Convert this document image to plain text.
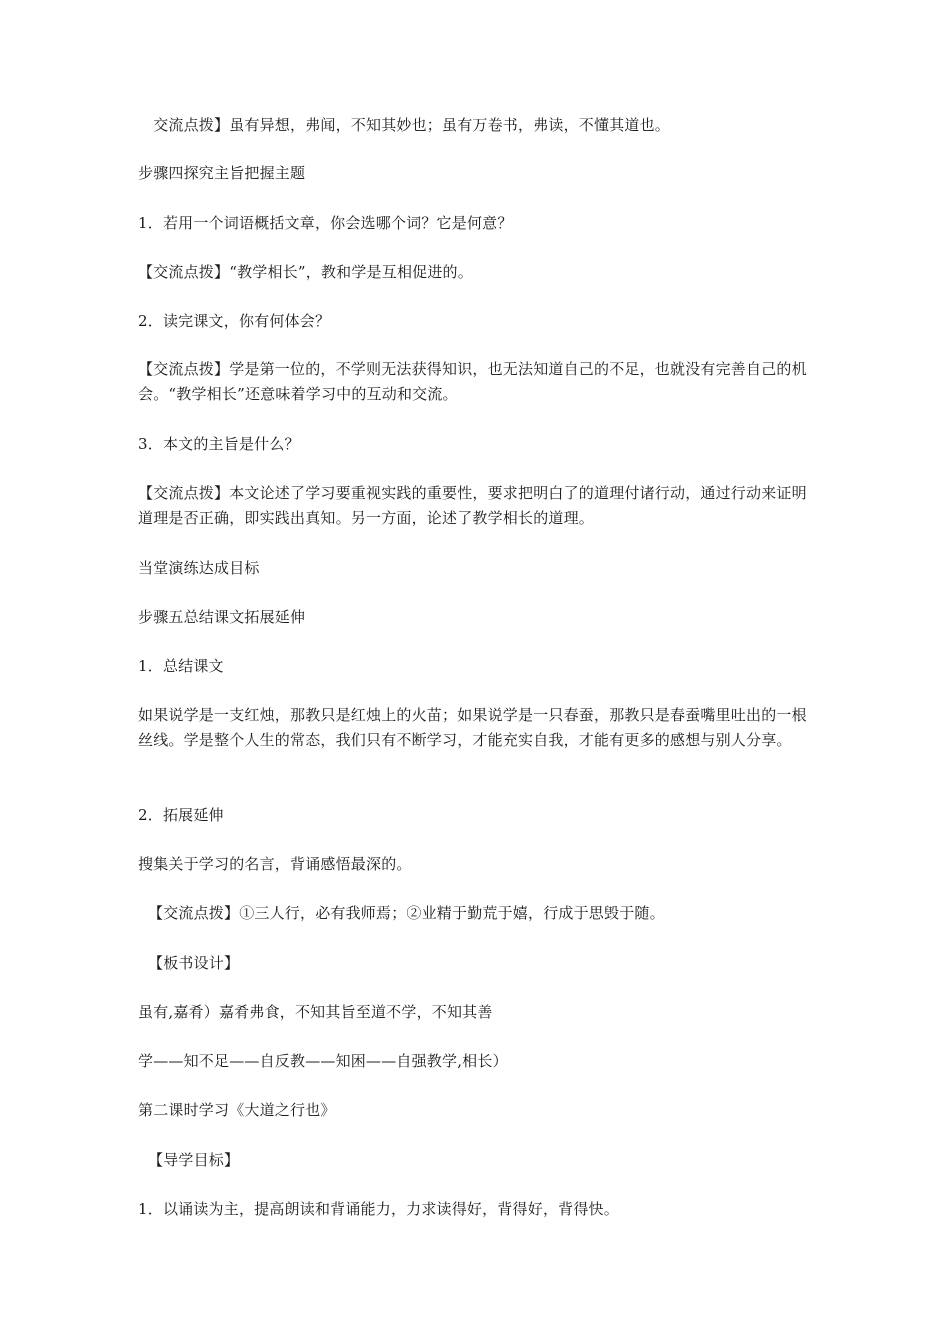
　交流点拨】虽有异想，弗闻，不知其妙也；虽有万卷书，弗读，不懂其道也。

步骤四探究主旨把握主题

1．若用一个词语概括文章，你会选哪个词？它是何意？

【交流点拨】“教学相长”，教和学是互相促进的。

2．读完课文，你有何体会？

【交流点拨】学是第一位的，不学则无法获得知识，也无法知道自己的不足，也就没有完善自己的机会。“教学相长”还意味着学习中的互动和交流。

3．本文的主旨是什么？

【交流点拨】本文论述了学习要重视实践的重要性，要求把明白了的道理付诸行动，通过行动来证明道理是否正确，即实践出真知。另一方面，论述了教学相长的道理。

当堂演练达成目标

步骤五总结课文拓展延伸

1．总结课文

如果说学是一支红烛，那教只是红烛上的火苗；如果说学是一只春蚕，那教只是春蚕嘴里吐出的一根丝线。学是整个人生的常态，我们只有不断学习，才能充实自我，才能有更多的感想与别人分享。

2．拓展延伸

搜集关于学习的名言，背诵感悟最深的。

【交流点拨】①三人行，必有我师焉；②业精于勤荒于嬉，行成于思毁于随。

【板书设计】

虽有,嘉肴）嘉肴弗食，不知其旨至道不学，不知其善

学——知不足——自反教——知困——自强教学,相长）

第二课时学习《大道之行也》

【导学目标】

1．以诵读为主，提高朗读和背诵能力，力求读得好，背得好，背得快。
